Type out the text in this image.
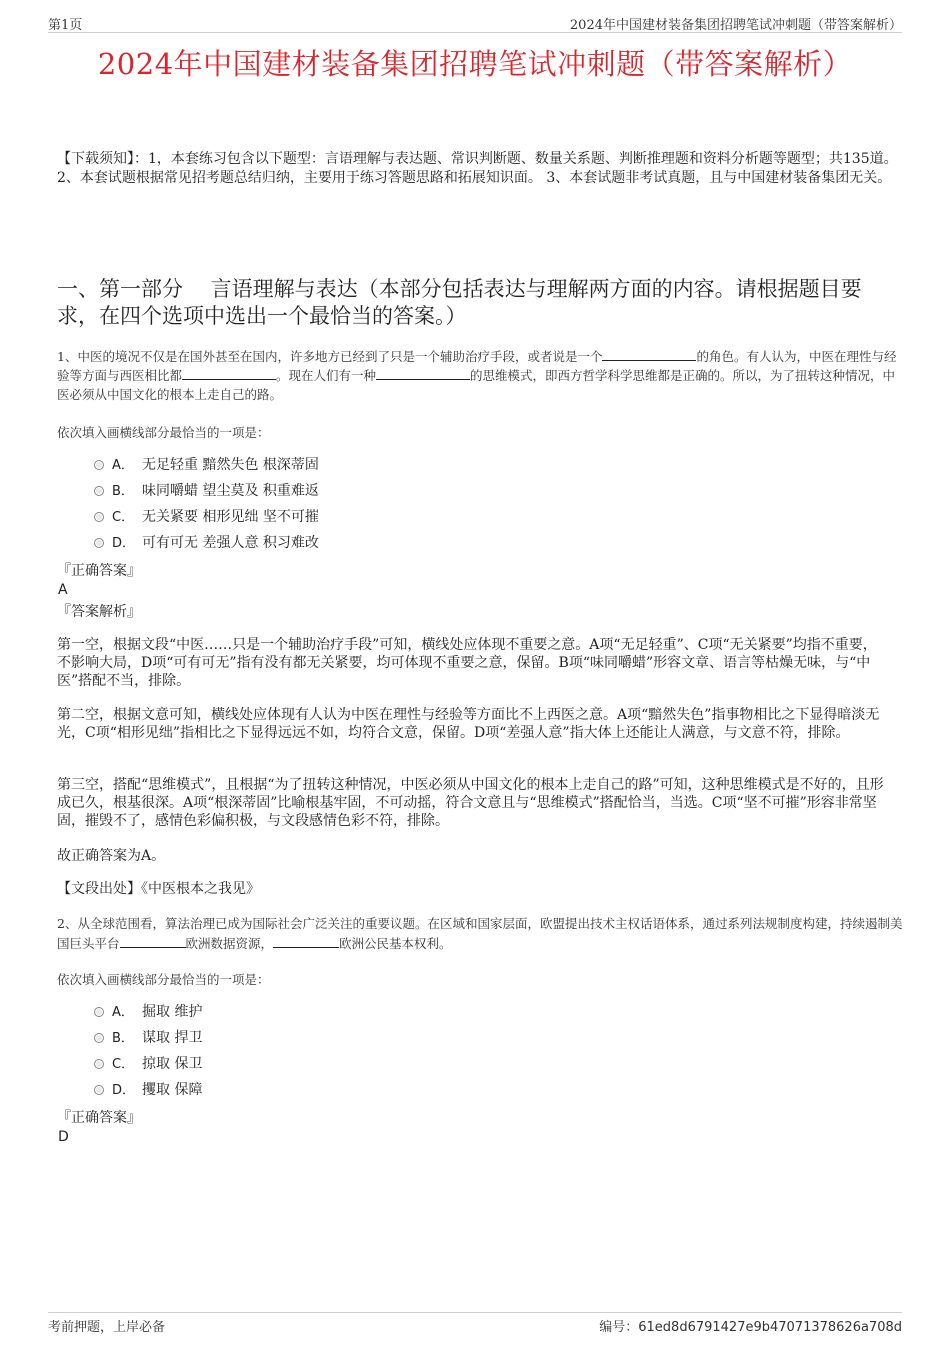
第1页	2024年中国建材装备集团招聘笔试冲刺题（带答案解析）
2024年中国建材装备集团招聘笔试冲刺题（带答案解析）

【下载须知】：1，本套练习包含以下题型：言语理解与表达题、常识判断题、数量关系题、判断推理题和资料分析题等题型；共135道。 2、本套试题根据常见招考题总结归纳，主要用于练习答题思路和拓展知识面。 3、本套试题非考试真题，且与中国建材装备集团无关。

一、第一部分　 言语理解与表达（本部分包括表达与理解两方面的内容。请根据题目要求，在四个选项中选出一个最恰当的答案。）

1、中医的境况不仅是在国外甚至在国内，许多地方已经到了只是一个辅助治疗手段，或者说是一个	的角色。有人认为，中医在理性与经验等方面与西医相比都	。现在人们有一种	的思维模式，即西方哲学科学思维都是正确的。所以，为了扭转这种情况，中医必须从中国文化的根本上走自己的路。

依次填入画横线部分最恰当的一项是：

A． 无足轻重 黯然失色 根深蒂固
B． 味同嚼蜡 望尘莫及 积重难返
C． 无关紧要 相形见绌 坚不可摧
D． 可有可无 差强人意 积习难改

『正确答案』

A

『答案解析』

第一空，根据文段“中医……只是一个辅助治疗手段”可知，横线处应体现不重要之意。A项“无足轻重”、C项“无关紧要”均指不重要，不影响大局，D项“可有可无”指有没有都无关紧要，均可体现不重要之意，保留。B项“味同嚼蜡”形容文章、语言等枯燥无味，与“中医”搭配不当，排除。

第二空，根据文意可知，横线处应体现有人认为中医在理性与经验等方面比不上西医之意。A项“黯然失色”指事物相比之下显得暗淡无光，C项“相形见绌”指相比之下显得远远不如，均符合文意，保留。D项“差强人意”指大体上还能让人满意，与文意不符，排除。

第三空，搭配“思维模式”，且根据“为了扭转这种情况，中医必须从中国文化的根本上走自己的路”可知，这种思维模式是不好的，且形成已久，根基很深。A项“根深蒂固”比喻根基牢固，不可动摇，符合文意且与“思维模式”搭配恰当，当选。C项“坚不可摧”形容非常坚固，摧毁不了，感情色彩偏积极，与文段感情色彩不符，排除。

故正确答案为A。

【文段出处】《中医根本之我见》

2、从全球范围看，算法治理已成为国际社会广泛关注的重要议题。在区域和国家层面，欧盟提出技术主权话语体系，通过系列法规制度构建，持续遏制美国巨头平台	欧洲数据资源，	欧洲公民基本权利。

依次填入画横线部分最恰当的一项是：

A． 掘取 维护
B． 谋取 捍卫
C． 掠取 保卫
D． 攫取 保障

『正确答案』

D

考前押题，上岸必备	编号：61ed8d6791427e9b47071378626a708d
